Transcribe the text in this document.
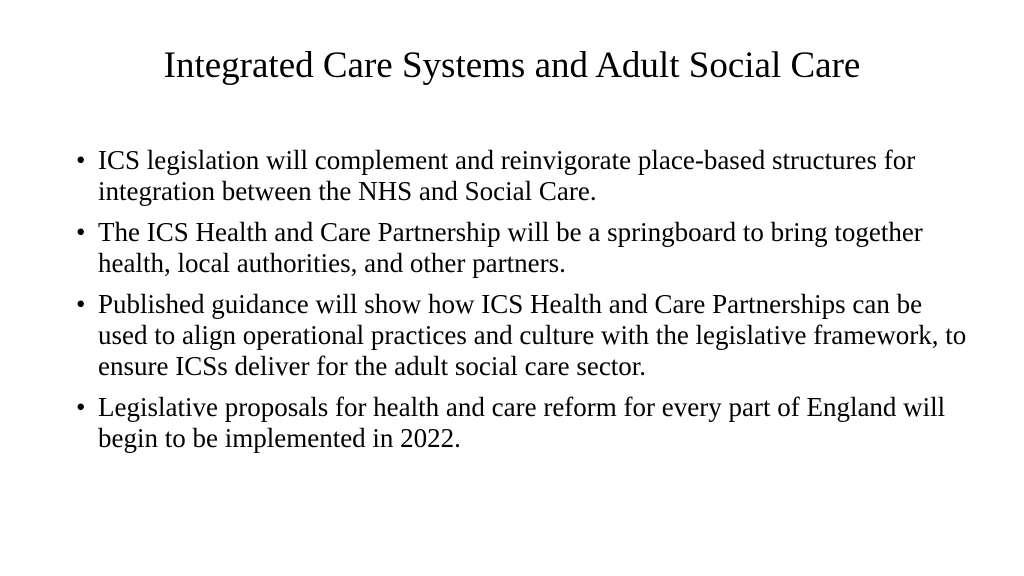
Integrated Care Systems and Adult Social Care
• ICS legislation will complement and reinvigorate place-based structures for integration between the NHS and Social Care.
• The ICS Health and Care Partnership will be a springboard to bring together health, local authorities, and other partners.
• Published guidance will show how ICS Health and Care Partnerships can be used to align operational practices and culture with the legislative framework, to ensure ICSs deliver for the adult social care sector.
• Legislative proposals for health and care reform for every part of England will begin to be implemented in 2022.
